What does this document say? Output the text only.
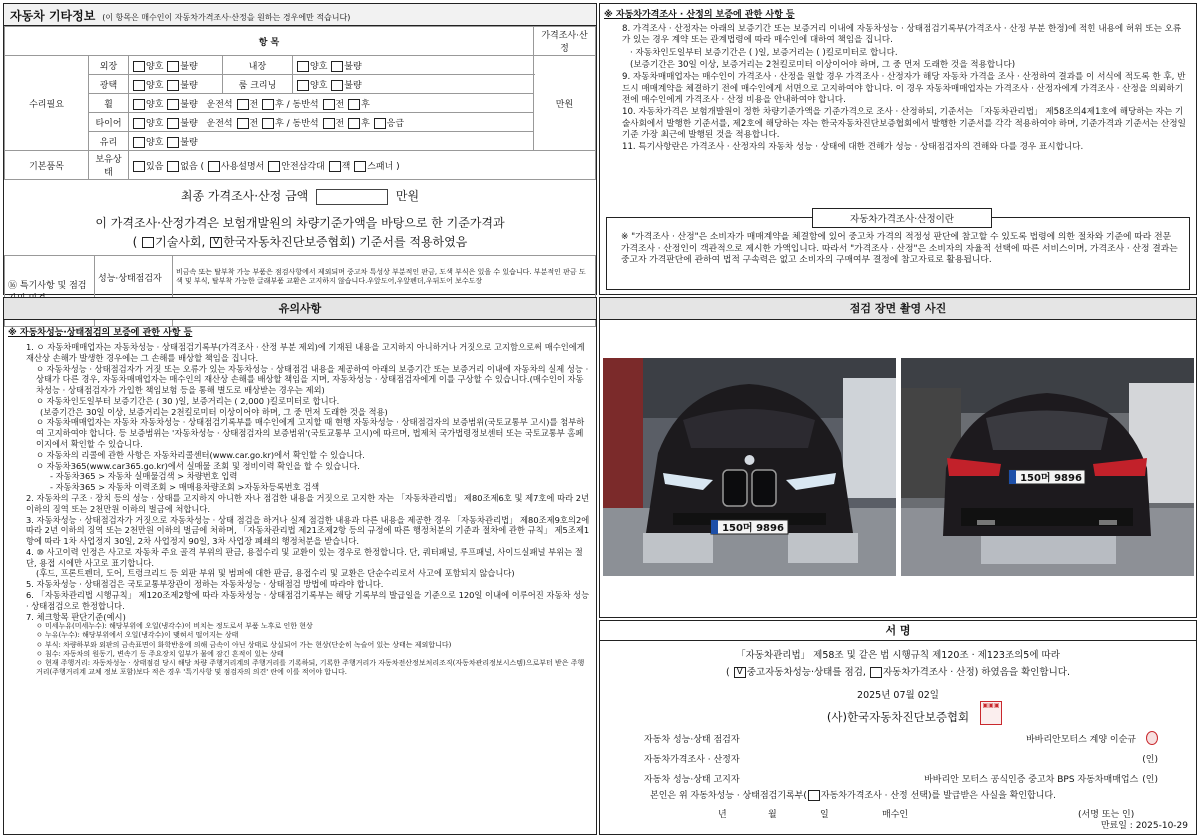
자동차 기타정보 (이 항목은 매수인이 자동차가격조사·산정을 원하는 경우에만 적습니다)
항 목					가격조사·산정
수리필요	외장	양호 불량	내장	양호 불량	만원
	광택	양호 불량	룸 크리닝	양호 불량	
	휠	양호 불량 운전석 전 후 / 동반석 전 후			
	타이어	양호 불량 운전석 전 후 / 동반석 전 후 응급			
	유리	양호 불량			
기본품목	보유상태	있음 없음 ( 사용설명서 안전삼각대 잭 스패너 )			
최종 가격조사·산정 금액	만원
이 가격조사·산정가격은 보험개발원의 차량기준가액을 바탕으로 한 기준가격과
( 기술사회, V 한국자동차진단보증협회) 기준서를 적용하였음
⑯ 특기사항 및 점검	성능·상태점검자	비금속 또는 탈부착 가능 부품은 점검사항에서 제외되며 중고차 특성상 부분적인 판금, 도색 부식은 있을 수 있습니다. 부분적인 판금 도색 및 부식, 탈부착 가능한 글래부품 교환은 고지하지 않습니다.우앞도어,우앞펜더,우뒤도어 보수도장

※ 자동차가격조사 · 산정의 보증에 관한 사항 등
8. 가격조사 · 산정자는 아래의 보증기간 또는 보증거리 이내에 자동차성능 · 상태점검기록부(가격조사 · 산정 부분 한정)에 적힌 내용에 허위 또는 오류가 있는 경우 계약 또는 관계법령에 따라 매수인에 대하여 책임을 집니다.
· 자동차인도일부터 보증기간은 ( )일, 보증거리는 ( )킬로미터로 합니다.
(보증기간은 30일 이상, 보증거리는 2천킬로미터 이상이어야 하며, 그 중 먼저 도래한 것을 적용합니다)
9. 자동차매매업자는 매수인이 가격조사 · 산정을 원할 경우 가격조사 · 산정자가 해당 자동차 가격을 조사 · 산정하여 결과를 이 서식에 적도록 한 후, 반드시 매매계약을 체결하기 전에 매수인에게 서면으로 고지하여야 합니다. 이 경우 자동차매매업자는 가격조사 · 산정자에게 가격조사 · 산정을 의뢰하기 전에 매수인에게 가격조사 · 산정 비용을 안내하여야 합니다.
10. 자동차가격은 보험개발원이 정한 차량기준가액을 기준가격으로 조사 · 산정하되, 기준서는 「자동차관리법」 제58조의4제1호에 해당하는 자는 기술사회에서 발행한 기준서를, 제2호에 해당하는 자는 한국자동차진단보증협회에서 발행한 기준서를 각각 적용하여야 하며, 기준가격과 기준서는 산정일 기준 가장 최근에 발행된 것을 적용합니다.
11. 특기사항란은 가격조사 · 산정자의 자동차 성능 · 상태에 대한 견해가 성능 · 상태점검자의 견해와 다를 경우 표시합니다.
자동차가격조사·산정이란
※ "가격조사 · 산정"은 소비자가 매매계약을 체결함에 있어 중고차 가격의 적정성 판단에 참고할 수 있도록 법령에 의한 절차와 기준에 따라 전문 가격조사 · 산정인이 객관적으로 제시한 가액입니다. 따라서 "가격조사 · 산정"은 소비자의 자율적 선택에 따른 서비스이며, 가격조사 · 산정 결과는 중고자 가격판단에 관하여 법적 구속력은 없고 소비자의 구매여부 결정에 참고자료로 활용됩니다.
유의사항
※ 자동차성능·상태점검의 보증에 관한 사항 등
1. ㅇ 자동차매매업자는 자동차성능 · 상태점검기록부(가격조사 · 산정 부분 제외)에 기재된 내용을 고지하지 아니하거나 거짓으로 고지함으로써 매수인에게 재산상 손해가 발생한 경우에는 그 손해를 배상할 책임을 집니다.
ㅇ 자동차성능 · 상태점검자가 거짓 또는 오류가 있는 자동차성능 · 상태점검 내용을 제공하여 아래의 보증기간 또는 보증거리 이내에 자동차의 실제 성능 · 상태가 다른 경우, 자동차매매업자는 매수인의 재산상 손해를 배상할 책임을 지며, 자동차성능 · 상태점검자에게 이를 구상할 수 있습니다.(매수인이 자동차성능 · 상태점검자가 가입한 책임보험 등을 통해 별도로 배상받는 경우는 제외)
ㅇ 자동차인도일부터 보증기간은 ( 30 )일, 보증거리는 ( 2,000 )킬로미터로 합니다.
(보증기간은 30일 이상, 보증거리는 2천킬로미터 이상이어야 하며, 그 중 먼저 도래한 것을 적용)
ㅇ 자동차매매업자는 자동차 자동차성능 · 상태점검기록부를 매수인에게 고지할 때 현행 자동차성능 · 상태점검자의 보증범위(국토교통부 고시)를 첨부하여 고지하여야 합니다. 등 보증범위는 '자동차성능 · 상태점검자의 보증범위'(국토교통부 고시)에 따르며, 법제처 국가법령정보센터 또는 국토교통부 홈페이지에서 확인할 수 있습니다.
ㅇ 자동차의 리콜에 관한 사항은 자동차리콜센터(www.car.go.kr)에서 확인할 수 있습니다.
ㅇ 자동차365(www.car365.go.kr)에서 실매물 조회 및 정비이력 확인을 할 수 있습니다.
- 자동차365 > 자동차 실매물검색 > 차량번호 입력
- 자동차365 > 자동차 이력조회 > 매매용차량조회 >자동차등록번호 검색
2. 자동차의 구조 · 장치 등의 성능 · 상태를 고지하지 아니한 자나 점검한 내용을 거짓으로 고지한 자는 「자동차관리법」 제80조제6호 및 제7호에 따라 2년 이하의 징역 또는 2천만원 이하의 벌금에 처합니다.
3. 자동차성능 · 상태점검자가 거짓으로 자동차성능 · 상태 점검을 하거나 실제 점검한 내용과 다른 내용을 제공한 경우 「자동차관리법」 제80조제9호의2에 따라 2년 이하의 징역 또는 2천만원 이하의 벌금에 처하며, 「자동차관리법 제21조제2항 등의 규정에 따른 행정처분의 기준과 절차에 관한 규칙」 제5조제1항에 따라 1차 사업정지 30일, 2차 사업정지 90일, 3차 사업장 폐쇄의 행정처분을 받습니다.
4. ⑩ 사고이력 인정은 사고로 자동차 주요 골격 부위의 판금, 용접수리 및 교환이 있는 경우로 한정합니다. 단, 쿼터패널, 루프패널, 사이드실패널 부위는 절단, 용접 시에만 사고로 표기합니다.
(후드, 프론트펜더, 도어, 트렁크리드 등 외판 부위 및 범퍼에 대한 판금, 용접수리 및 교환은 단순수리로서 사고에 포함되지 않습니다)
5. 자동차성능 · 상태점검은 국토교통부장관이 정하는 자동차성능 · 상태점검 방법에 따라야 합니다.
6. 「자동차관리법 시행규칙」 제120조제2항에 따라 자동차성능 · 상태점검기록부는 해당 기록부의 발급일을 기준으로 120일 이내에 이루어진 자동차 성능 · 상태점검으로 한정합니다.
7. 체크항목 판단기준(예시)
ㅇ 미세누유(미세누수): 해당부위에 오일(냉각수)이 비치는 정도로서 부품 노후로 인한 현상
ㅇ 누유(누수): 해당부위에서 오일(냉각수)이 맺혀서 떨어지는 상태
ㅇ 부식: 차량하부와 외판의 금속표면이 화학반응에 의해 금속이 아닌 상태로 상실되어 가는 현상(단순히 녹슬어 있는 상태는 제외합니다)
ㅇ 침수: 자동차의 원동기, 변속기 등 주요장치 일부가 물에 잠긴 흔적이 있는 상태
ㅇ 현재 주행거리: 자동차성능 · 상태점검 당시 해당 차량 주행거리계의 주행거리를 기록하되, 기록한 주행거리가 자동차전산정보처리조직(자동차관리정보시스템)으로부터 받은 주행거리(주행거리계 교체 정보 포함)보다 적은 경우 '특기사항 및 점검자의 의견' 란에 이를 적어야 합니다.
점검 장면 촬영 사진
150머 9896
150머 9896
서 명
「자동차관리법」 제58조 및 같은 법 시행규칙 제120조 · 제123조의5에 따라
( V 중고자동차성능·상태를 점검, 자동차가격조사 · 산정) 하였음을 확인합니다.
2025년 07월 02일
(사)한국자동차진단보증협회
▣▣▣
자동차 성능·상태 점검자	바바리안모터스 계양 이순규
자동차가격조사 · 산정자	(인)
자동차 성능·상태 고지자	바바리안 모터스 공식인증 중고차 BPS 자동차매매업스 (인)
본인은 위 자동차성능 · 상태점검기록부( 자동차가격조사 · 산정 선택)를 발급받은 사실을 확인합니다.
년	월	일	매수인	(서명 또는 인)
만료일 : 2025-10-29
